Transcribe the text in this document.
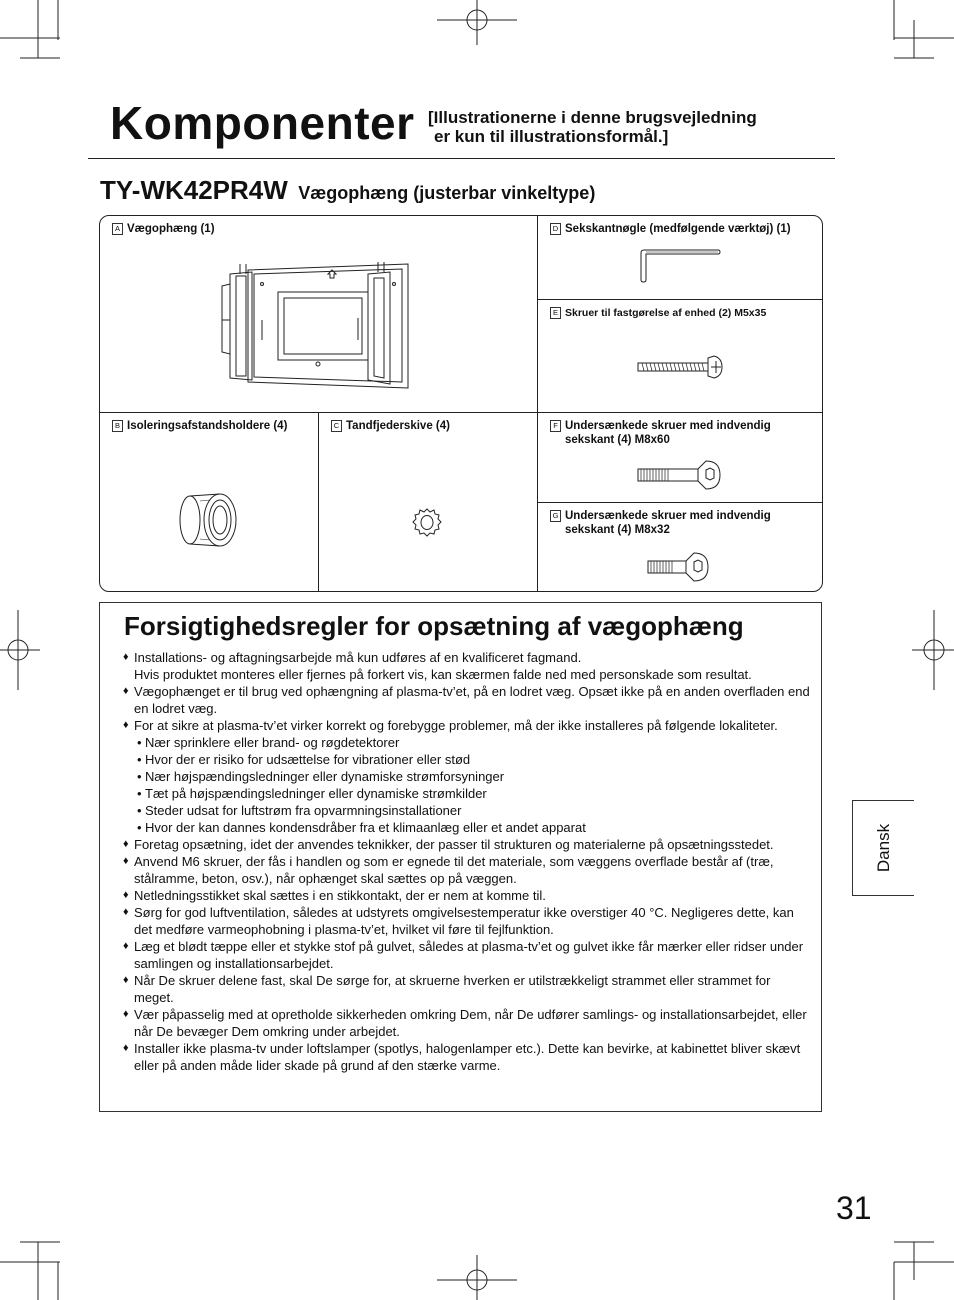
Komponenter [Illustrationerne i denne brugsvejledning
er kun til illustrationsformål.]
TY-WK42PR4W Vægophæng (justerbar vinkeltype)
A Vægophæng (1)	D Sekskantnøgle (medfølgende værktøj) (1)
E Skruer til fastgørelse af enhed (2) M5x35
B Isoleringsafstandsholdere (4)	C Tandfjederskive (4)	F Undersænkede skruer med indvendig sekskant (4) M8x60
G Undersænkede skruer med indvendig sekskant (4) M8x32
Forsigtighedsregler for opsætning af vægophæng
♦ Installations- og aftagningsarbejde må kun udføres af en kvalificeret fagmand.
Hvis produktet monteres eller fjernes på forkert vis, kan skærmen falde ned med personskade som resultat.
♦ Vægophænget er til brug ved ophængning af plasma-tv’et, på en lodret væg. Opsæt ikke på en anden overfladen end en lodret væg.
♦ For at sikre at plasma-tv’et virker korrekt og forebygge problemer, må der ikke installeres på følgende lokaliteter.
• Nær sprinklere eller brand- og røgdetektorer
• Hvor der er risiko for udsættelse for vibrationer eller stød
• Nær højspændingsledninger eller dynamiske strømforsyninger
• Tæt på højspændingsledninger eller dynamiske strømkilder
• Steder udsat for luftstrøm fra opvarmningsinstallationer
• Hvor der kan dannes kondensdråber fra et klimaanlæg eller et andet apparat
♦ Foretag opsætning, idet der anvendes teknikker, der passer til strukturen og materialerne på opsætningsstedet.
♦ Anvend M6 skruer, der fås i handlen og som er egnede til det materiale, som væggens overflade består af (træ, stålramme, beton, osv.), når ophænget skal sættes op på væggen.
♦ Netledningsstikket skal sættes i en stikkontakt, der er nem at komme til.
♦ Sørg for god luftventilation, således at udstyrets omgivelsestemperatur ikke overstiger 40 °C. Negligeres dette, kan det medføre varmeophobning i plasma-tv’et, hvilket vil føre til fejlfunktion.
♦ Læg et blødt tæppe eller et stykke stof på gulvet, således at plasma-tv’et og gulvet ikke får mærker eller ridser under samlingen og installationsarbejdet.
♦ Når De skruer delene fast, skal De sørge for, at skruerne hverken er utilstrækkeligt strammet eller strammet for meget.
♦ Vær påpasselig med at opretholde sikkerheden omkring Dem, når De udfører samlings- og installationsarbejdet, eller når De bevæger Dem omkring under arbejdet.
♦ Installer ikke plasma-tv under loftslamper (spotlys, halogenlamper etc.). Dette kan bevirke, at kabinettet bliver skævt eller på anden måde lider skade på grund af den stærke varme.
Dansk
31
